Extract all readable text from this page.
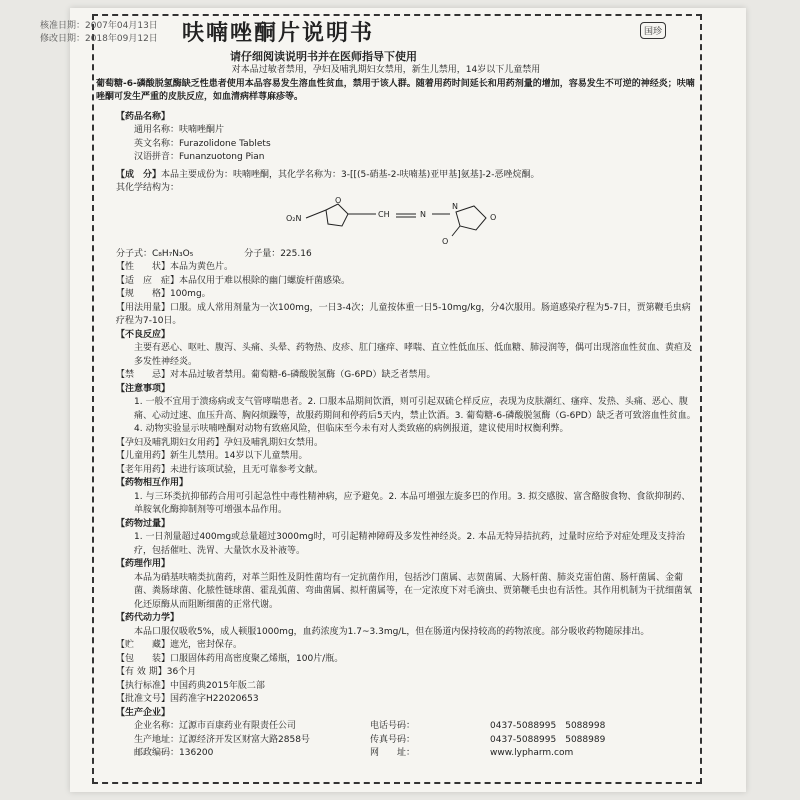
核准日期：2007年04月13日
修改日期：2018年09月12日 呋喃唑酮片说明书	国珍
请仔细阅读说明书并在医师指导下使用
对本品过敏者禁用，孕妇及哺乳期妇女禁用，新生儿禁用，14岁以下儿童禁用
葡萄糖-6-磷酸脱氢酶缺乏性患者使用本品容易发生溶血性贫血，禁用于该人群。随着用药时间延长和用药剂量的增加，容易发生不可逆的神经炎；呋喃唑酮可发生严重的皮肤反应，如血清病样荨麻疹等。
【药品名称】
通用名称：呋喃唑酮片
英文名称：Furazolidone Tablets
汉语拼音：Funanzuotong Pian
【成　分】本品主要成份为：呋喃唑酮，其化学名称为：3-[[(5-硝基-2-呋喃基)亚甲基]氨基]-2-恶唑烷酮。
其化学结构为：
O₂N
O
CH	N
N
O
O
分子式：C₈H₇N₃O₅	分子量：225.16
【性　　状】本品为黄色片。
【适　应　症】本品仅用于难以根除的幽门螺旋杆菌感染。
【规　　格】100mg。
【用法用量】口服。成人常用剂量为一次100mg，一日3-4次；儿童按体重一日5-10mg/kg，分4次服用。肠道感染疗程为5-7日，贾第鞭毛虫病疗程为7-10日。
【不良反应】
主要有恶心、呕吐、腹泻、头痛、头晕、药物热、皮疹、肛门瘙痒、哮喘、直立性低血压、低血糖、肺浸润等，偶可出现溶血性贫血、黄疸及多发性神经炎。
【禁　　忌】对本品过敏者禁用。葡萄糖-6-磷酸脱氢酶（G-6PD）缺乏者禁用。
【注意事项】
1. 一般不宜用于溃疡病或支气管哮喘患者。2. 口服本品期间饮酒，则可引起双硫仑样反应，表现为皮肤潮红、瘙痒、发热、头痛、恶心、腹痛、心动过速、血压升高、胸闷烦躁等，故服药期间和停药后5天内，禁止饮酒。3. 葡萄糖-6-磷酸脱氢酶（G-6PD）缺乏者可致溶血性贫血。4. 动物实验显示呋喃唑酮对动物有致癌风险，但临床至今未有对人类致癌的病例报道，建议使用时权衡利弊。
【孕妇及哺乳期妇女用药】孕妇及哺乳期妇女禁用。
【儿童用药】新生儿禁用。14岁以下儿童禁用。
【老年用药】未进行该项试验，且无可靠参考文献。
【药物相互作用】
1. 与三环类抗抑郁药合用可引起急性中毒性精神病，应予避免。2. 本品可增强左旋多巴的作用。3. 拟交感胺、富含酪胺食物、食欲抑制药、单胺氧化酶抑制剂等可增强本品作用。
【药物过量】
1. 一日剂量超过400mg或总量超过3000mg时，可引起精神障碍及多发性神经炎。2. 本品无特异拮抗药，过量时应给予对症处理及支持治疗，包括催吐、洗胃、大量饮水及补液等。
【药理作用】
本品为硝基呋喃类抗菌药，对革兰阳性及阴性菌均有一定抗菌作用，包括沙门菌属、志贺菌属、大肠杆菌、肺炎克雷伯菌、肠杆菌属、金葡菌、粪肠球菌、化脓性链球菌、霍乱弧菌、弯曲菌属、拟杆菌属等，在一定浓度下对毛滴虫、贾第鞭毛虫也有活性。其作用机制为干扰细菌氧化还原酶从而阻断细菌的正常代谢。
【药代动力学】
本品口服仅吸收5%，成人顿服1000mg，血药浓度为1.7~3.3mg/L，但在肠道内保持较高的药物浓度。部分吸收药物随尿排出。
【贮　　藏】遮光，密封保存。
【包　　装】口服固体药用高密度聚乙烯瓶，100片/瓶。
【有 效 期】36个月
【执行标准】中国药典2015年版二部
【批准文号】国药准字H22020653
【生产企业】
企业名称：辽源市百康药业有限责任公司	电话号码：	0437-5088995　5088998
生产地址：辽源经济开发区财富大路2858号	传真号码：	0437-5088995　5088989
邮政编码：136200	网　　址：	www.lypharm.com
